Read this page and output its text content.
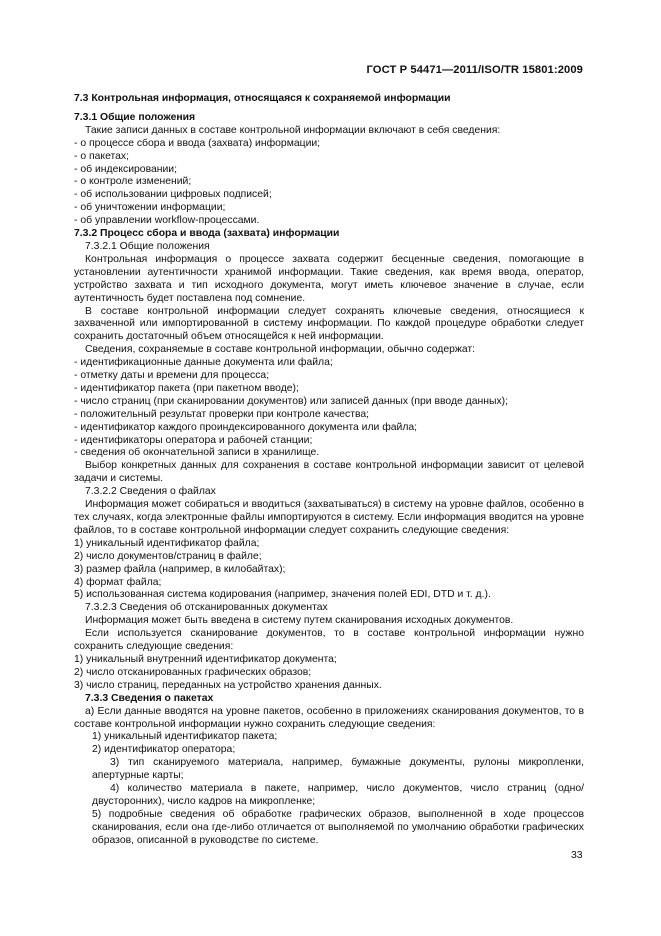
ГОСТ Р 54471—2011/ISO/TR 15801:2009

7.3 Контрольная информация, относящаяся к сохраняемой информации

7.3.1 Общие положения

Такие записи данных в составе контрольной информации включают в себя сведения:

- о процессе сбора и ввода (захвата) информации;
- о пакетах;
- об индексировании;
- о контроле изменений;
- об использовании цифровых подписей;
- об уничтожении информации;
- об управлении workflow-процессами.

7.3.2 Процесс сбора и ввода (захвата) информации

7.3.2.1 Общие положения

Контрольная информация о процессе захвата содержит бесценные сведения, помогающие в установлении аутентичности хранимой информации. Такие сведения, как время ввода, оператор, устройство захвата и тип исходного документа, могут иметь ключевое значение в случае, если аутентичность будет поставлена под сомнение.

В составе контрольной информации следует сохранять ключевые сведения, относящиеся к захваченной или импортированной в систему информации. По каждой процедуре обработки следует сохранить достаточный объем относящейся к ней информации.

Сведения, сохраняемые в составе контрольной информации, обычно содержат:

- идентификационные данные документа или файла;
- отметку даты и времени для процесса;
- идентификатор пакета (при пакетном вводе);
- число страниц (при сканировании документов) или записей данных (при вводе данных);
- положительный результат проверки при контроле качества;
- идентификатор каждого проиндексированного документа или файла;
- идентификаторы оператора и рабочей станции;
- сведения об окончательной записи в хранилище.

Выбор конкретных данных для сохранения в составе контрольной информации зависит от целевой задачи и системы.

7.3.2.2 Сведения о файлах

Информация может собираться и вводиться (захватываться) в систему на уровне файлов, особенно в тех случаях, когда электронные файлы импортируются в систему. Если информация вводится на уровне файлов, то в составе контрольной информации следует сохранить следующие сведения:

1) уникальный идентификатор файла;
2) число документов/страниц в файле;
3) размер файла (например, в килобайтах);
4) формат файла;
5) использованная система кодирования (например, значения полей EDI, DTD и т. д.).

7.3.2.3 Сведения об отсканированных документах

Информация может быть введена в систему путем сканирования исходных документов.

Если используется сканирование документов, то в составе контрольной информации нужно сохранить следующие сведения:

1) уникальный внутренний идентификатор документа;
2) число отсканированных графических образов;
3) число страниц, переданных на устройство хранения данных.

7.3.3 Сведения о пакетах

а) Если данные вводятся на уровне пакетов, особенно в приложениях сканирования документов, то в составе контрольной информации нужно сохранить следующие сведения:

1) уникальный идентификатор пакета;
2) идентификатор оператора;
3) тип сканируемого материала, например, бумажные документы, рулоны микропленки, апертурные карты;
4) количество материала в пакете, например, число документов, число страниц (одно/двусторонних), число кадров на микропленке;
5) подробные сведения об обработке графических образов, выполненной в ходе процессов сканирования, если она где-либо отличается от выполняемой по умолчанию обработки графических образов, описанной в руководстве по системе.
33
